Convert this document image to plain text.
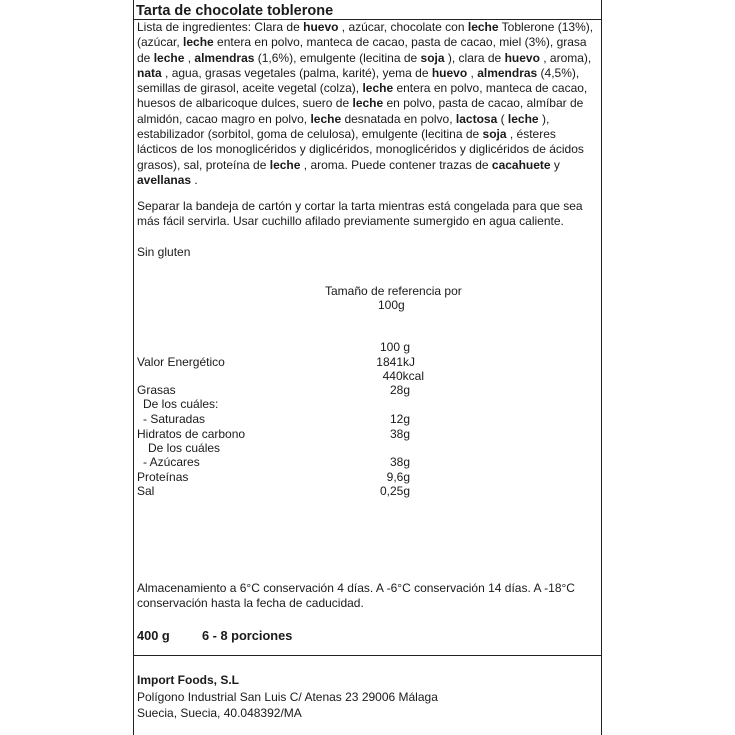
Tarta de chocolate toblerone
Lista de ingredientes: Clara de huevo , azúcar, chocolate con leche Toblerone (13%), (azúcar, leche entera en polvo, manteca de cacao, pasta de cacao, miel (3%), grasa de leche , almendras (1,6%), emulgente (lecitina de soja ), clara de huevo , aroma), nata , agua, grasas vegetales (palma, karité), yema de huevo , almendras (4,5%), semillas de girasol, aceite vegetal (colza), leche entera en polvo, manteca de cacao, huesos de albaricoque dulces, suero de leche en polvo, pasta de cacao, almíbar de almidón, cacao magro en polvo, leche desnatada en polvo, lactosa ( leche ), estabilizador (sorbitol, goma de celulosa), emulgente (lecitina de soja , ésteres lácticos de los monoglicéridos y diglicéridos, monoglicéridos y diglicéridos de ácidos grasos), sal, proteína de leche , aroma. Puede contener trazas de cacahuete y avellanas .
Separar la bandeja de cartón y cortar la tarta mientras está congelada para que sea más fácil servirla. Usar cuchillo afilado previamente sumergido en agua caliente.
Sin gluten
Tamaño de referencia por
100g
100 g
Valor Energético	1841kJ
440kcal
Grasas	28g
De los cuáles:
- Saturadas	12g
Hidratos de carbono	38g
De los cuáles
- Azúcares	38g
Proteínas	9,6g
Sal	0,25g
Almacenamiento a 6°C conservación 4 días. A -6°C conservación 14 días. A -18°C conservación hasta la fecha de caducidad.
400 g	6 - 8 porciones
Import Foods, S.L
Polígono Industrial San Luis C/ Atenas 23 29006 Málaga
Suecia, Suecia, 40.048392/MA
